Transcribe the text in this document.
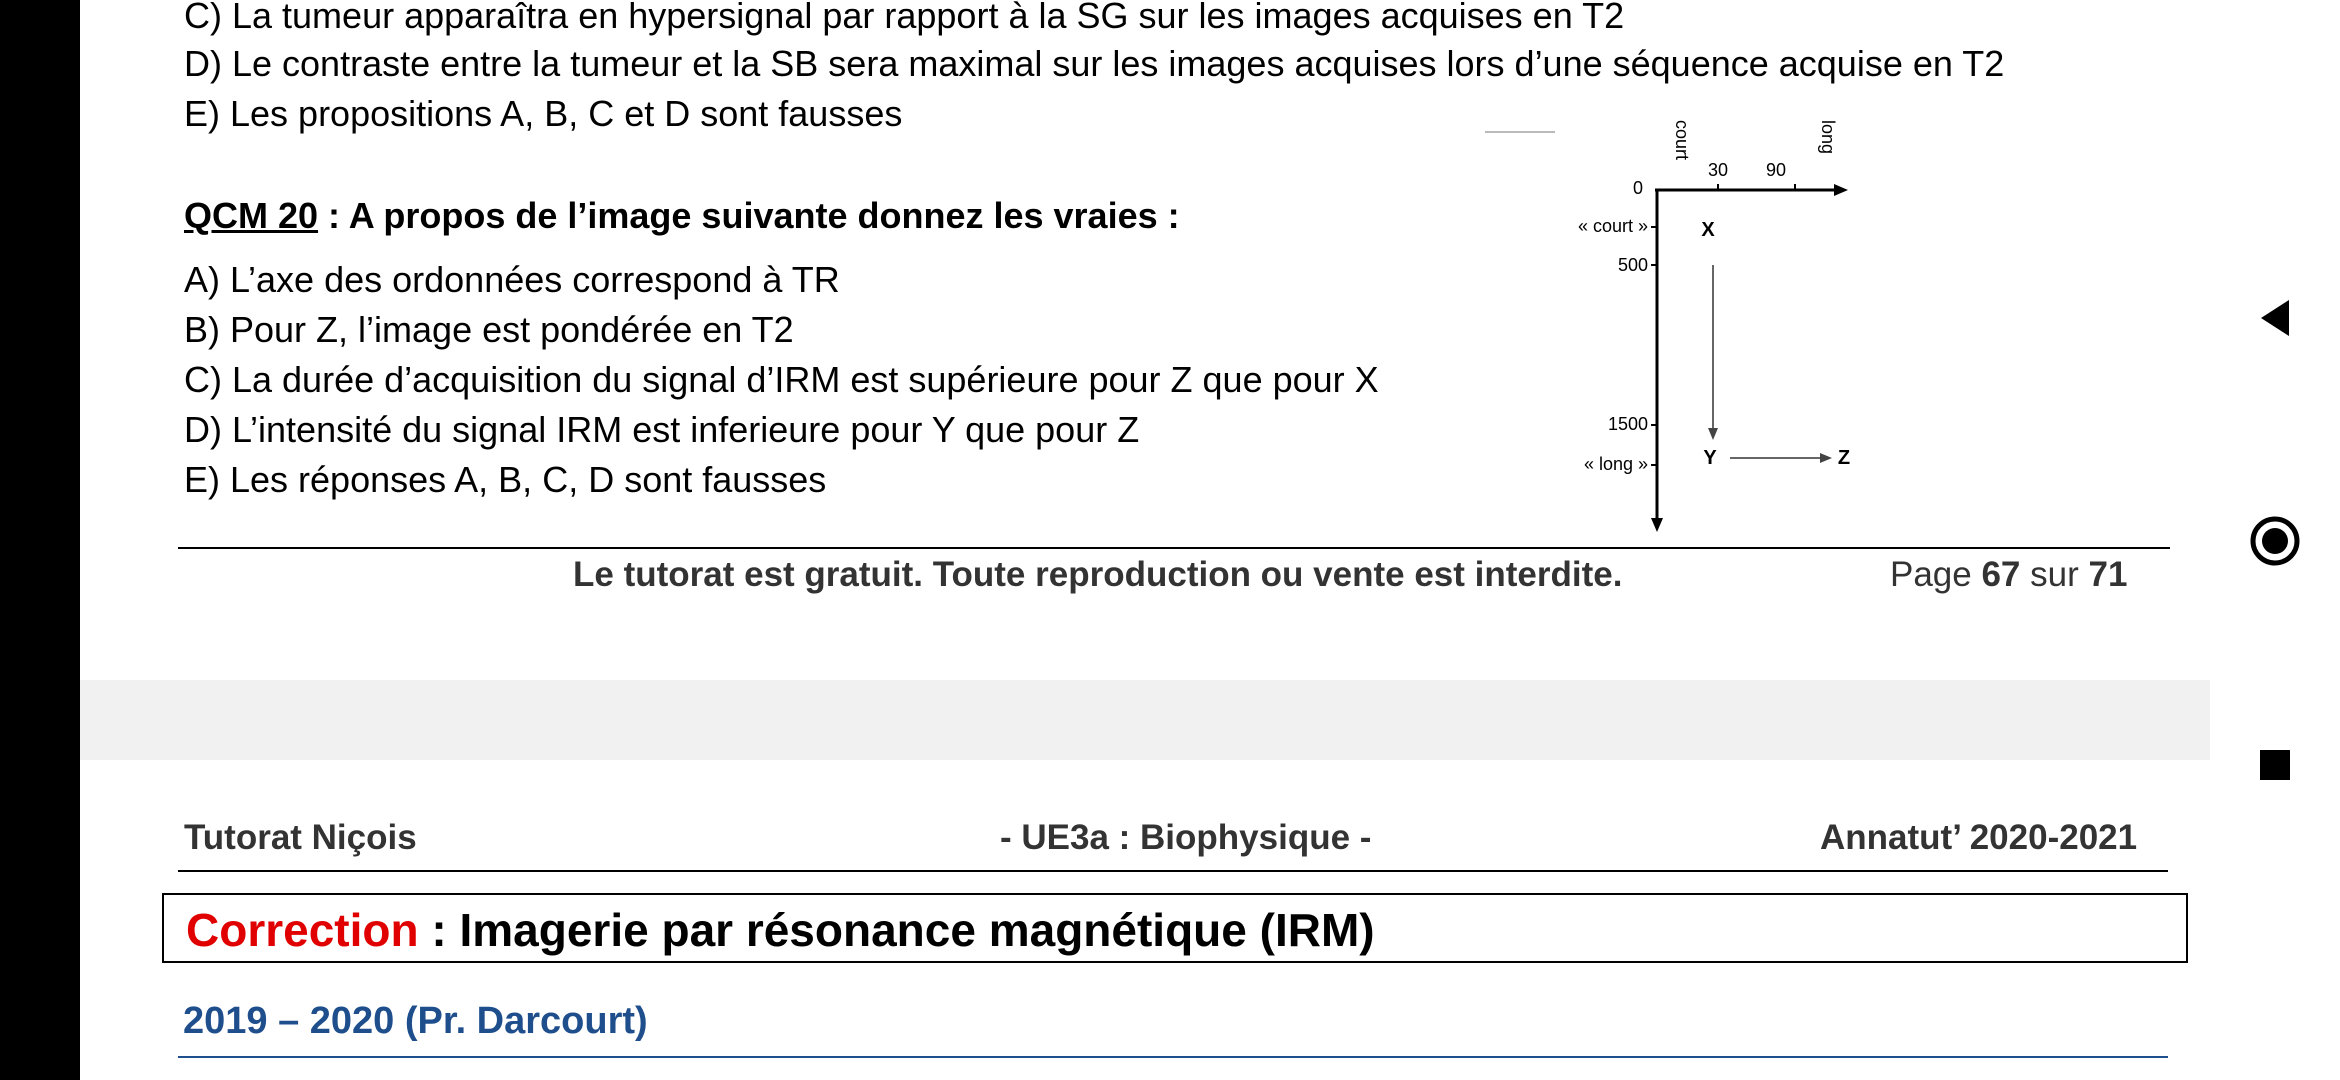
C) La tumeur apparaîtra en hypersignal par rapport à la SG sur les images acquises en T2
D) Le contraste entre la tumeur et la SB sera maximal sur les images acquises lors d’une séquence acquise en T2
E) Les propositions A, B, C et D sont fausses
QCM 20 : A propos de l’image suivante donnez les vraies :
A) L’axe des ordonnées correspond à TR
B) Pour Z, l’image est pondérée en T2
C) La durée d’acquisition du signal d’IRM est supérieure pour Z que pour X
D) L’intensité du signal IRM est inferieure pour Y que pour Z
E) Les réponses A, B, C, D sont fausses
0
30 90
court	long
« court »
500
1500
« long »
X
Y	Z
Le tutorat est gratuit. Toute reproduction ou vente est interdite.	Page 67 sur 71
Tutorat Niçois	- UE3a : Biophysique -	Annatut’ 2020-2021
Correction : Imagerie par résonance magnétique (IRM)
2019 – 2020 (Pr. Darcourt)
